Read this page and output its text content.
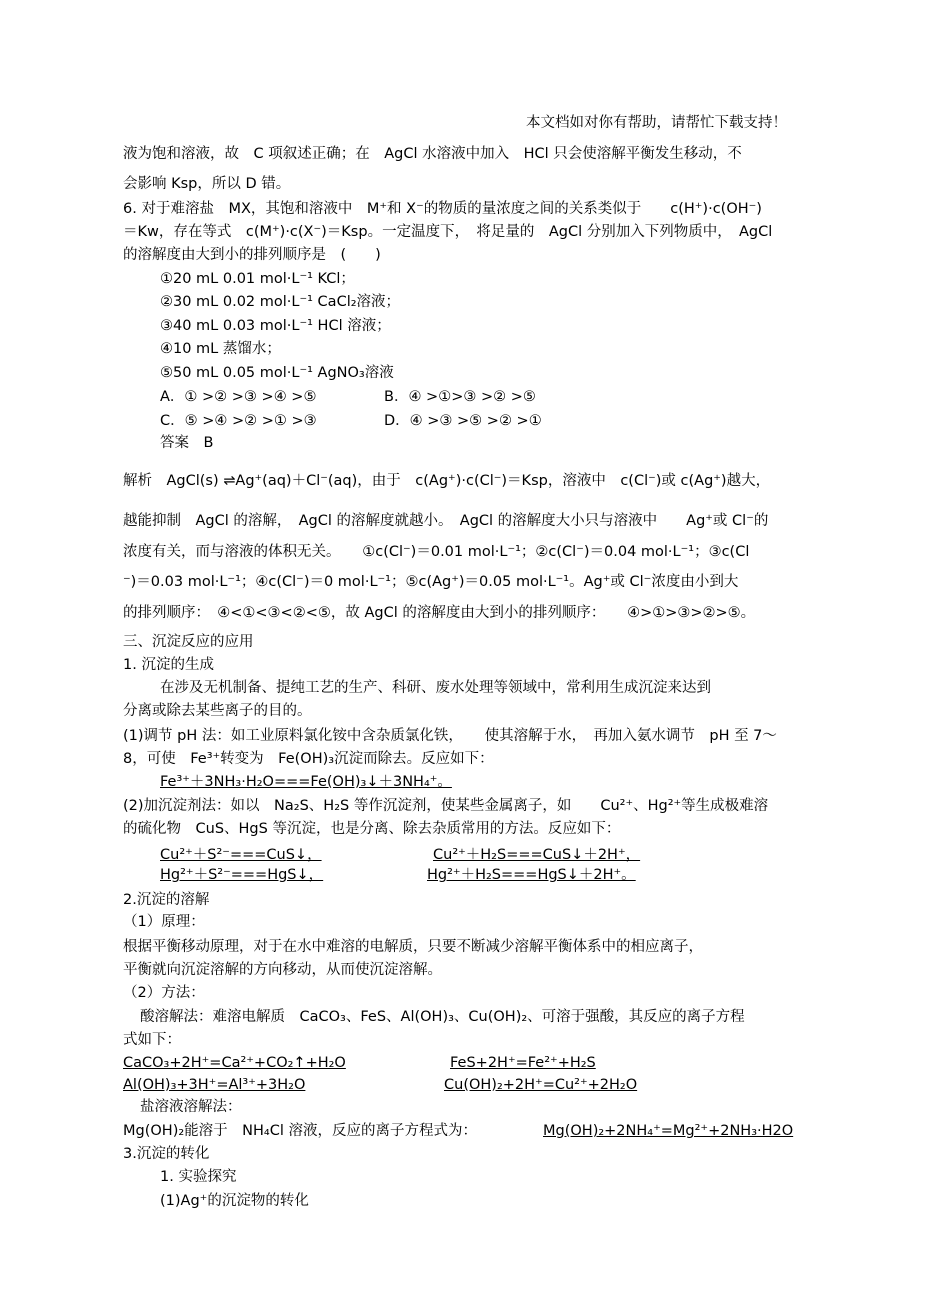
本文档如对你有帮助，请帮忙下载支持！
液为饱和溶液，故　C 项叙述正确；在　AgCl 水溶液中加入　HCl 只会使溶解平衡发生移动，不
会影响 Ksp，所以 D 错。
6. 对于难溶盐　MX，其饱和溶液中　M⁺和 X⁻的物质的量浓度之间的关系类似于　　c(H⁺)·c(OH⁻)
＝Kw，存在等式　c(M⁺)·c(X⁻)＝Ksp。一定温度下，　将足量的　AgCl 分别加入下列物质中，　AgCl
的溶解度由大到小的排列顺序是　(　　)
①20 mL 0.01 mol·L⁻¹ KCl；
②30 mL 0.02 mol·L⁻¹ CaCl₂溶液；
③40 mL 0.03 mol·L⁻¹ HCl 溶液；
④10 mL 蒸馏水；
⑤50 mL 0.05 mol·L⁻¹ AgNO₃溶液
A．① >② >③ >④ >⑤	B．④ >①>③ >② >⑤
C．⑤ >④ >② >① >③	D．④ >③ >⑤ >② >①
答案　B
解析　AgCl(s) ⇌Ag⁺(aq)＋Cl⁻(aq)，由于　c(Ag⁺)·c(Cl⁻)＝Ksp，溶液中　c(Cl⁻)或 c(Ag⁺)越大，
越能抑制　AgCl 的溶解，　AgCl 的溶解度就越小。　AgCl 的溶解度大小只与溶液中　　Ag⁺或 Cl⁻的
浓度有关，而与溶液的体积无关。　　①c(Cl⁻)＝0.01 mol·L⁻¹；②c(Cl⁻)＝0.04 mol·L⁻¹；③c(Cl
⁻)＝0.03 mol·L⁻¹；④c(Cl⁻)＝0 mol·L⁻¹；⑤c(Ag⁺)＝0.05 mol·L⁻¹。Ag⁺或 Cl⁻浓度由小到大
的排列顺序：　④<①<③<②<⑤，故 AgCl 的溶解度由大到小的排列顺序：　　④>①>③>②>⑤。
三、沉淀反应的应用
1. 沉淀的生成
在涉及无机制备、提纯工艺的生产、科研、废水处理等领域中，常利用生成沉淀来达到
分离或除去某些离子的目的。
(1)调节 pH 法：如工业原料氯化铵中含杂质氯化铁，　　使其溶解于水，　再加入氨水调节　pH 至 7～
8，可使　Fe³⁺转变为　Fe(OH)₃沉淀而除去。反应如下：
Fe³⁺＋3NH₃·H₂O===Fe(OH)₃↓＋3NH₄⁺。
(2)加沉淀剂法：如以　Na₂S、H₂S 等作沉淀剂，使某些金属离子，如　　Cu²⁺、Hg²⁺等生成极难溶
的硫化物　CuS、HgS 等沉淀，也是分离、除去杂质常用的方法。反应如下：
Cu²⁺＋S²⁻===CuS↓，	Cu²⁺＋H₂S===CuS↓＋2H⁺，
Hg²⁺＋S²⁻===HgS↓，	Hg²⁺＋H₂S===HgS↓＋2H⁺。
2.沉淀的溶解
（1）原理：
根据平衡移动原理，对于在水中难溶的电解质，只要不断减少溶解平衡体系中的相应离子，
平衡就向沉淀溶解的方向移动，从而使沉淀溶解。
（2）方法：
酸溶解法：难溶电解质　CaCO₃、FeS、Al(OH)₃、Cu(OH)₂、可溶于强酸，其反应的离子方程
式如下：
CaCO₃+2H⁺=Ca²⁺+CO₂↑+H₂O	FeS+2H⁺=Fe²⁺+H₂S
Al(OH)₃+3H⁺=Al³⁺+3H₂O	Cu(OH)₂+2H⁺=Cu²⁺+2H₂O
盐溶液溶解法：
Mg(OH)₂能溶于　NH₄Cl 溶液，反应的离子方程式为：	Mg(OH)₂+2NH₄⁺=Mg²⁺+2NH₃·H2O
3.沉淀的转化
1. 实验探究
(1)Ag⁺的沉淀物的转化
